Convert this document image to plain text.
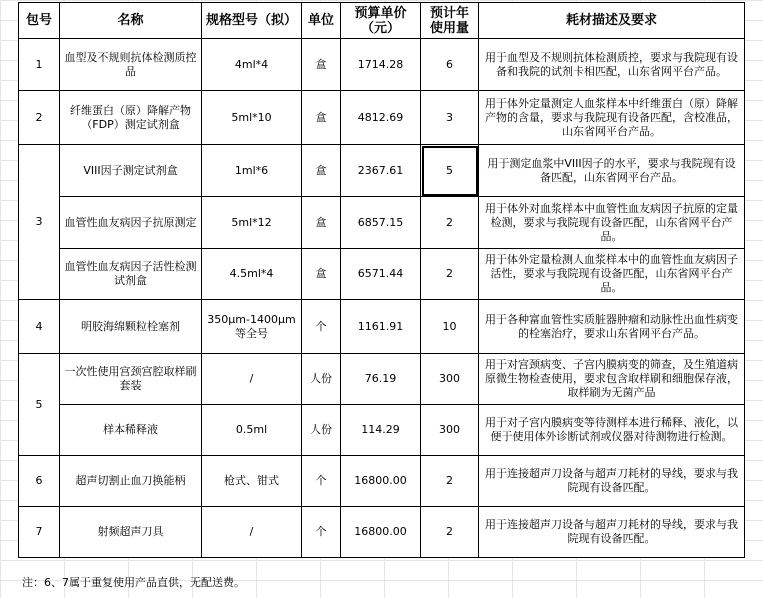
包号	名称	规格型号（拟）	单位	预算单价（元）	预计年使用量	耗材描述及要求
1	血型及不规则抗体检测质控品	4ml*4	盒	1714.28	6	用于血型及不规则抗体检测质控，要求与我院现有设备和我院的试剂卡相匹配，山东省网平台产品。
2	纤维蛋白（原）降解产物（FDP）测定试剂盒	5ml*10	盒	4812.69	3	用于体外定量测定人血浆样本中纤维蛋白（原）降解产物的含量，要求与我院现有设备匹配，含校准品，山东省网平台产品。
3	VIII因子测定试剂盒	1ml*6	盒	2367.61	5	用于测定血浆中VIII因子的水平，要求与我院现有设备匹配，山东省网平台产品。
	血管性血友病因子抗原测定	5ml*12	盒	6857.15	2	用于体外对血浆样本中血管性血友病因子抗原的定量检测，要求与我院现有设备匹配，山东省网平台产品。
	血管性血友病因子活性检测试剂盒	4.5ml*4	盒	6571.44	2	用于体外定量检测人血浆样本中的血管性血友病因子活性，要求与我院现有设备匹配，山东省网平台产品。
4	明胶海绵颗粒栓塞剂	350μm-1400μm等全号	个	1161.91	10	用于各种富血管性实质脏器肿瘤和动脉性出血性病变的栓塞治疗，要求山东省网平台产品。
5	一次性使用宫颈宫腔取样刷套装	/	人份	76.19	300	用于对宫颈病变、子宫内膜病变的筛查，及生殖道病原微生物检查使用，要求包含取样刷和细胞保存液，取样刷为无菌产品
	样本稀释液	0.5ml	人份	114.29	300	用于对子宫内膜病变等待测样本进行稀释、液化，以便于使用体外诊断试剂或仪器对待测物进行检测。
6	超声切割止血刀换能柄	枪式、钳式	个	16800.00	2	用于连接超声刀设备与超声刀耗材的导线，要求与我院现有设备匹配。
7	射频超声刀具	/	个	16800.00	2	用于连接超声刀设备与超声刀耗材的导线，要求与我院现有设备匹配。
注：6、7属于重复使用产品直供，无配送费。
